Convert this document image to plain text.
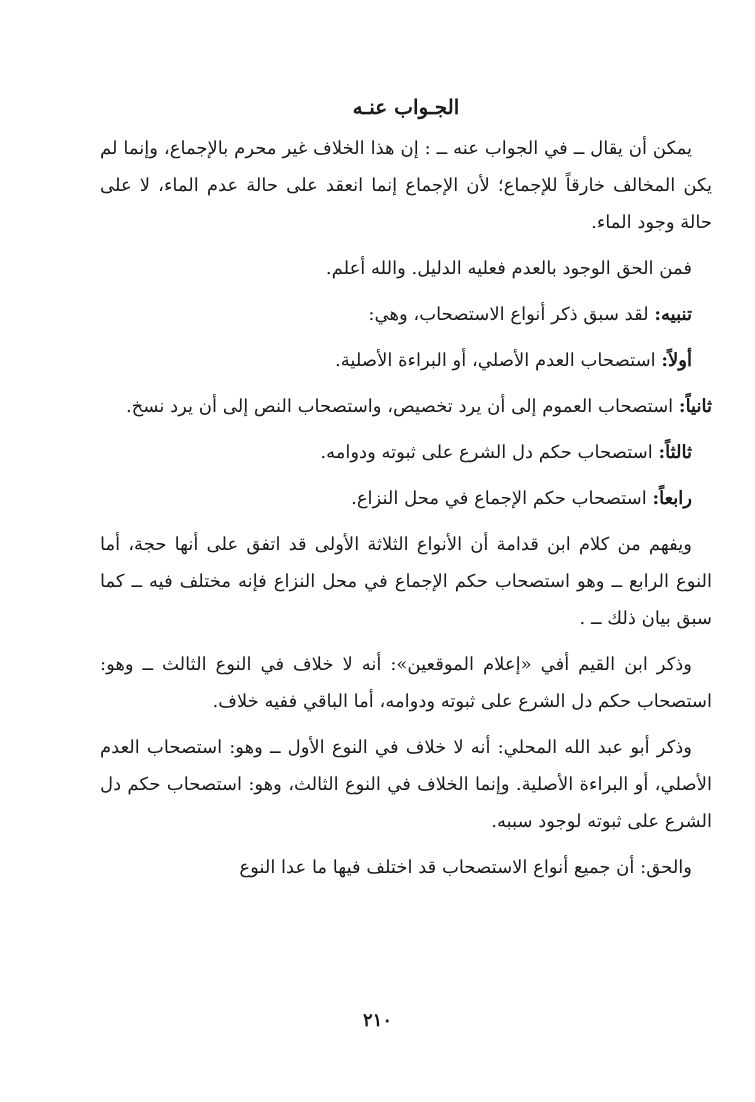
الجـواب عنـه

يمكن أن يقال ــ في الجواب عنه ــ : إن هذا الخلاف غير محرم بالإجماع، وإنما لم يكن المخالف خارقاً للإجماع؛ لأن الإجماع إنما انعقد على حالة عدم الماء، لا على حالة وجود الماء.

فمن الحق الوجود بالعدم فعليه الدليل. والله أعلم.

تنبيه: لقد سبق ذكر أنواع الاستصحاب، وهي:

أولاً: استصحاب العدم الأصلي، أو البراءة الأصلية.

ثانياً: استصحاب العموم إلى أن يرد تخصيص، واستصحاب النص إلى أن يرد نسخ.

ثالثاً: استصحاب حكم دل الشرع على ثبوته ودوامه.

رابعاً: استصحاب حكم الإجماع في محل النزاع.

ويفهم من كلام ابن قدامة أن الأنواع الثلاثة الأولى قد اتفق على أنها حجة، أما النوع الرابع ــ وهو استصحاب حكم الإجماع في محل النزاع فإنه مختلف فيه ــ كما سبق بيان ذلك ــ .

وذكر ابن القيم أفي «إعلام الموقعين»: أنه لا خلاف في النوع الثالث ــ وهو: استصحاب حكم دل الشرع على ثبوته ودوامه، أما الباقي ففيه خلاف.

وذكر أبو عبد الله المحلي: أنه لا خلاف في النوع الأول ــ وهو: استصحاب العدم الأصلي، أو البراءة الأصلية. وإنما الخلاف في النوع الثالث، وهو: استصحاب حكم دل الشرع على ثبوته لوجود سببه.

والحق: أن جميع أنواع الاستصحاب قد اختلف فيها ما عدا النوع

٢١٠
